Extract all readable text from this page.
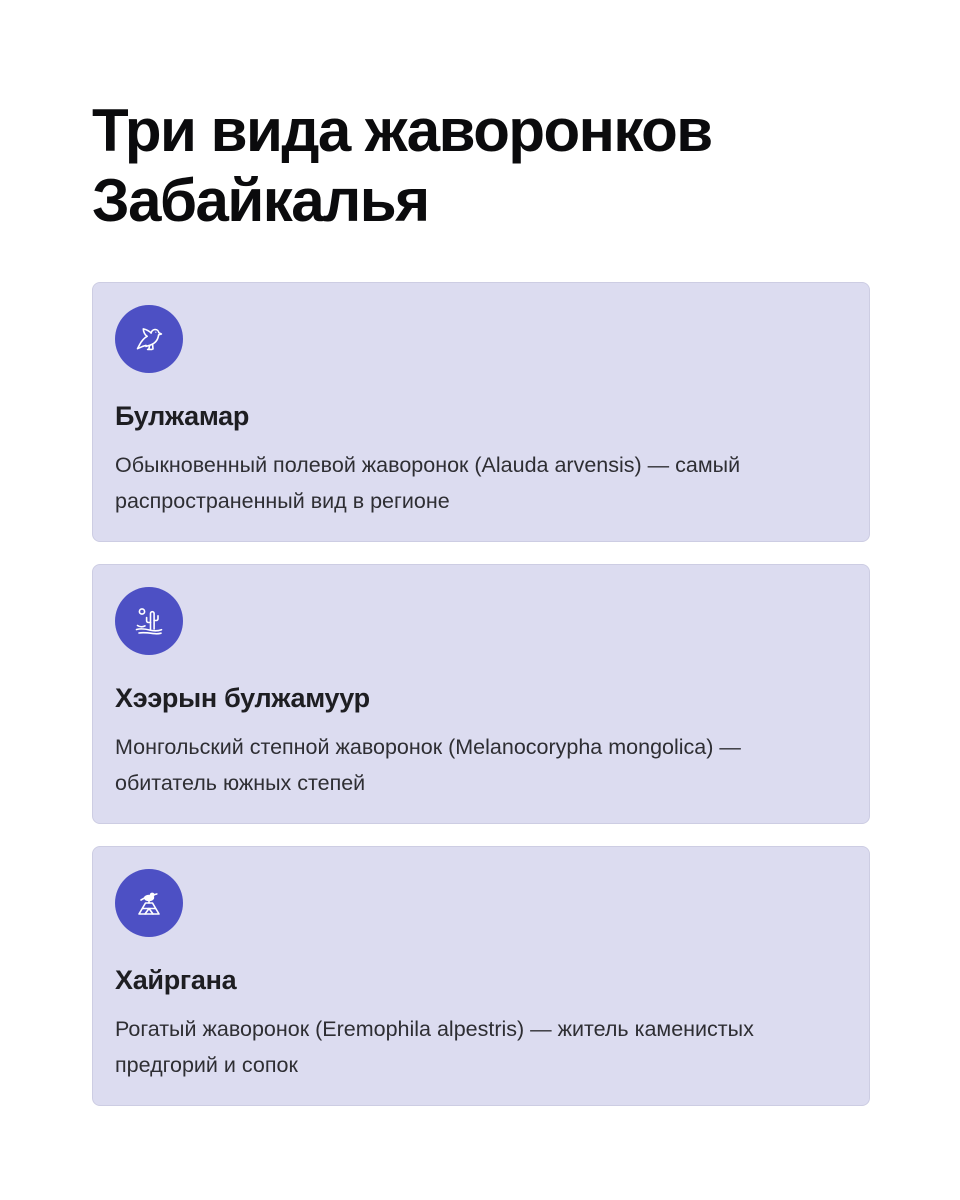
Три вида жаворонков Забайкалья
Булжамар

Обыкновенный полевой жаворонок (Alauda arvensis) — самый распространенный вид в регионе

Хээрын булжамуур

Монгольский степной жаворонок (Melanocorypha mongolica) — обитатель южных степей

Хайргана

Рогатый жаворонок (Eremophila alpestris) — житель каменистых предгорий и сопок
